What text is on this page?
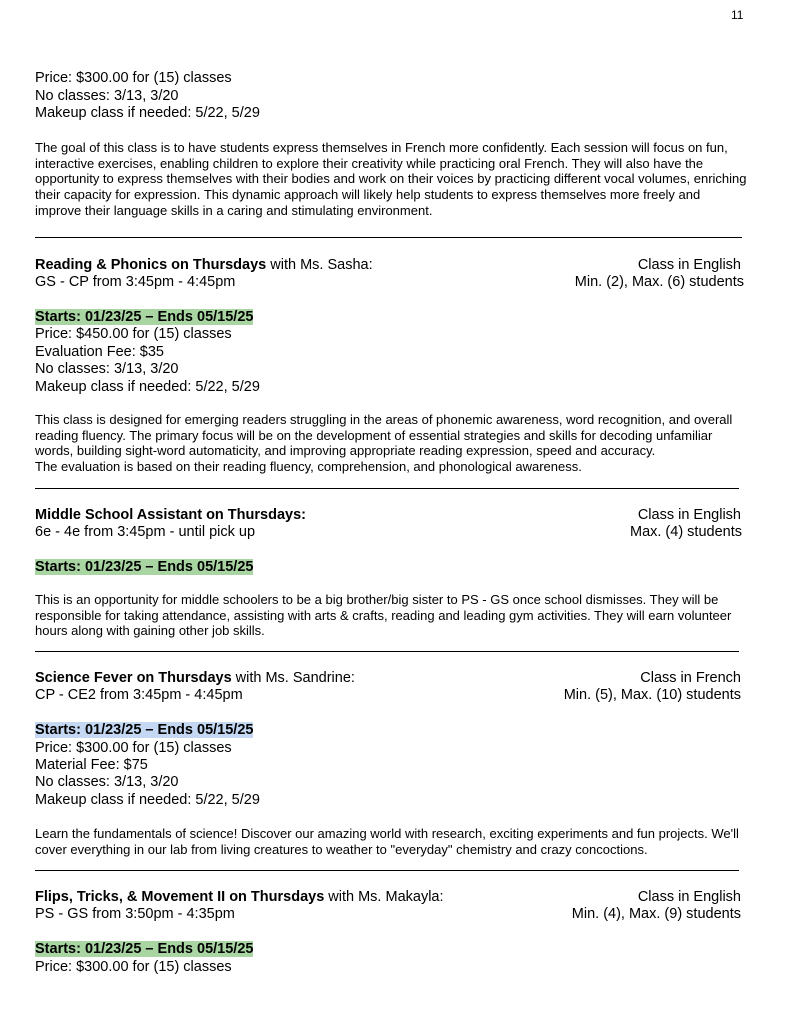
11
Price: $300.00 for (15) classes
No classes: 3/13, 3/20
Makeup class if needed: 5/22, 5/29
The goal of this class is to have students express themselves in French more confidently. Each session will focus on fun,
interactive exercises, enabling children to explore their creativity while practicing oral French. They will also have the
opportunity to express themselves with their bodies and work on their voices by practicing different vocal volumes, enriching
their capacity for expression. This dynamic approach will likely help students to express themselves more freely and
improve their language skills in a caring and stimulating environment.
Reading & Phonics on Thursdays with Ms. Sasha:	Class in English
GS - CP from 3:45pm - 4:45pm	Min. (2), Max. (6) students
Starts: 01/23/25 – Ends 05/15/25
Price: $450.00 for (15) classes
Evaluation Fee: $35
No classes: 3/13, 3/20
Makeup class if needed: 5/22, 5/29
This class is designed for emerging readers struggling in the areas of phonemic awareness, word recognition, and overall
reading fluency. The primary focus will be on the development of essential strategies and skills for decoding unfamiliar
words, building sight-word automaticity, and improving appropriate reading expression, speed and accuracy.
The evaluation is based on their reading fluency, comprehension, and phonological awareness.
Middle School Assistant on Thursdays:	Class in English
6e - 4e from 3:45pm - until pick up	Max. (4) students
Starts: 01/23/25 – Ends 05/15/25
This is an opportunity for middle schoolers to be a big brother/big sister to PS - GS once school dismisses. They will be
responsible for taking attendance, assisting with arts & crafts, reading and leading gym activities. They will earn volunteer
hours along with gaining other job skills.
Science Fever on Thursdays with Ms. Sandrine:	Class in French
CP - CE2 from 3:45pm - 4:45pm	Min. (5), Max. (10) students
Starts: 01/23/25 – Ends 05/15/25
Price: $300.00 for (15) classes
Material Fee: $75
No classes: 3/13, 3/20
Makeup class if needed: 5/22, 5/29
Learn the fundamentals of science! Discover our amazing world with research, exciting experiments and fun projects. We'll
cover everything in our lab from living creatures to weather to "everyday" chemistry and crazy concoctions.
Flips, Tricks, & Movement II on Thursdays with Ms. Makayla:	Class in English
PS - GS from 3:50pm - 4:35pm	Min. (4), Max. (9) students
Starts: 01/23/25 – Ends 05/15/25
Price: $300.00 for (15) classes
